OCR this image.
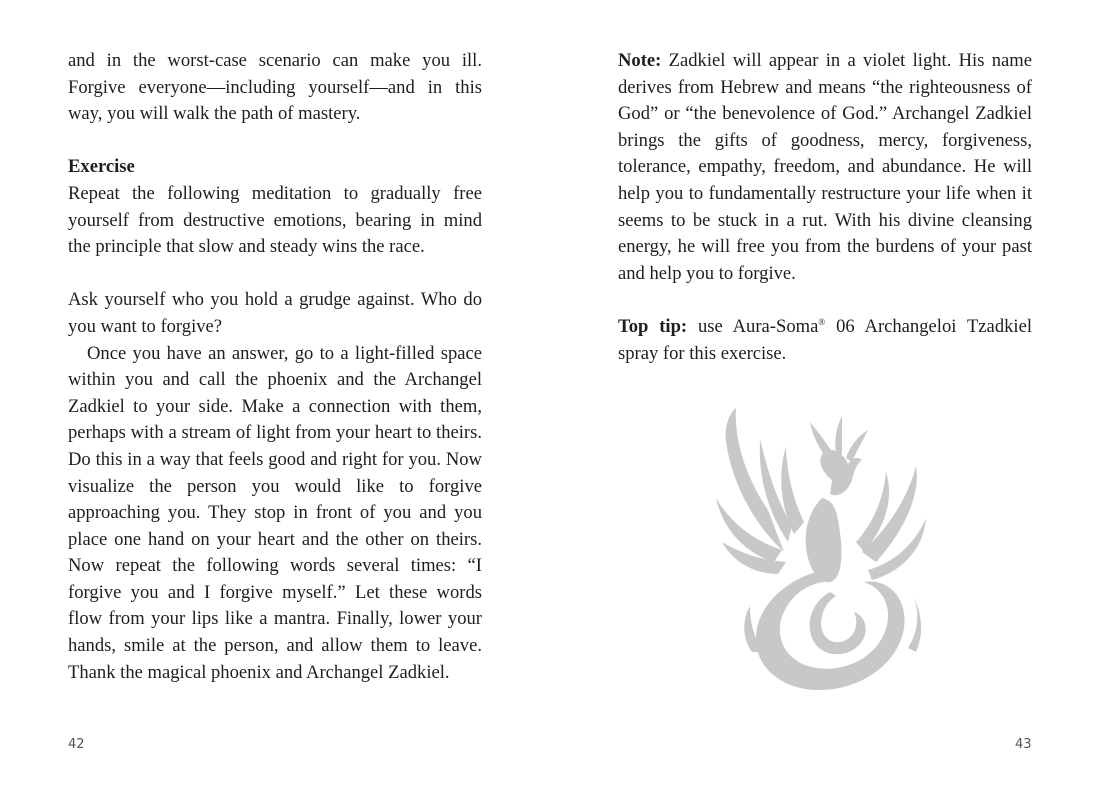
and in the worst-case scenario can make you ill. Forgive everyone—including yourself—and in this way, you will walk the path of mastery.

Exercise

Repeat the following meditation to gradually free yourself from destructive emotions, bearing in mind the principle that slow and steady wins the race.

Ask yourself who you hold a grudge against. Who do you want to forgive?

Once you have an answer, go to a light-filled space within you and call the phoenix and the Archangel Zadkiel to your side. Make a connection with them, perhaps with a stream of light from your heart to theirs. Do this in a way that feels good and right for you. Now visualize the person you would like to forgive approaching you. They stop in front of you and you place one hand on your heart and the other on theirs. Now repeat the following words several times: “I forgive you and I forgive myself.” Let these words flow from your lips like a mantra. Finally, lower your hands, smile at the person, and allow them to leave. Thank the magical phoenix and Archangel Zadkiel.

Note: Zadkiel will appear in a violet light. His name derives from Hebrew and means “the righteousness of God” or “the benevolence of God.” Archangel Zadkiel brings the gifts of goodness, mercy, forgiveness, tolerance, empathy, freedom, and abundance. He will help you to fundamentally restructure your life when it seems to be stuck in a rut. With his divine cleansing energy, he will free you from the burdens of your past and help you to forgive.

Top tip: use Aura-Soma® 06 Archangeloi Tzadkiel spray for this exercise.

42	43
